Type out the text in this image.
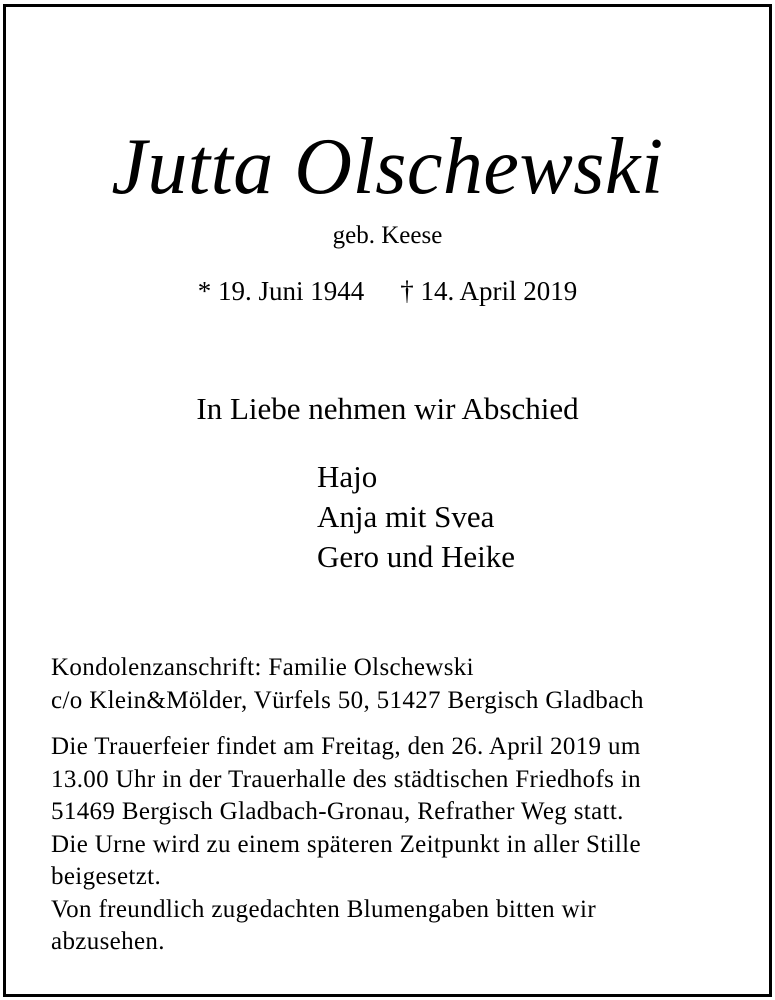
Jutta Olschewski
geb. Keese
* 19. Juni 1944 † 14. April 2019
In Liebe nehmen wir Abschied
Hajo
Anja mit Svea
Gero und Heike
Kondolenzanschrift: Familie Olschewski
c/o Klein&Mölder, Vürfels 50, 51427 Bergisch Gladbach
Die Trauerfeier findet am Freitag, den 26. April 2019 um
13.00 Uhr in der Trauerhalle des städtischen Friedhofs in
51469 Bergisch Gladbach-Gronau, Refrather Weg statt.
Die Urne wird zu einem späteren Zeitpunkt in aller Stille
beigesetzt.
Von freundlich zugedachten Blumengaben bitten wir
abzusehen.
